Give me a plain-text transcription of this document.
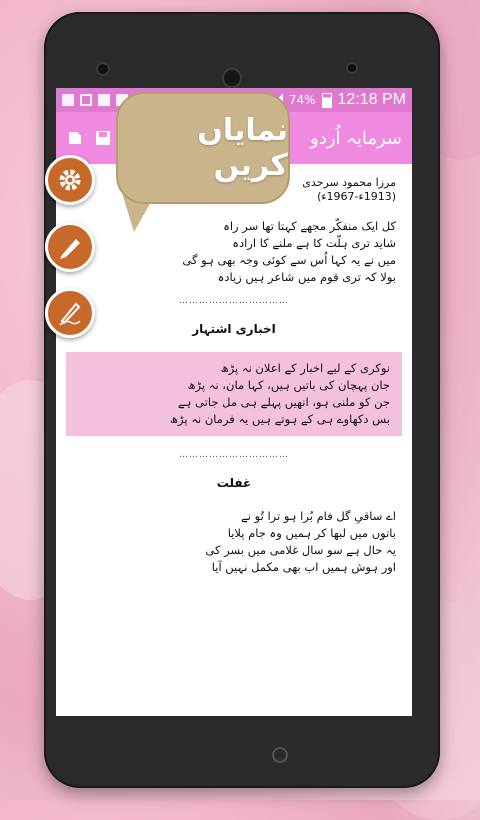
74% 12:18 PM
سرمایہ اُردو
مرزا محمود سرحدی
(1913ء-1967ء)

کل ایک منفکّر مجھے کہتا تھا سر راہ
شاید تری ہلّت کا ہے ملنے کا ارادہ
میں نے یہ کہا اُس سے کوئی وجہ بھی ہو گی
بولا کہ تری قوم میں شاعر ہیں زیادہ

……………………………
اخباری اشتہار

نوکری کے لیے اخبار کے اعلان نہ پڑھ
جان پہچان کی باتیں ہیں، کہا مان، نہ پڑھ
جن کو ملنی ہو، انھیں پہلے ہی مل جاتی ہے
بس دکھاوے ہی کے ہوتے ہیں یہ فرمان نہ پڑھ

……………………………
غفلت

اے ساقیِ گل فام بُرا ہو ترا تُو نے
باتوں میں لبھا کر ہمیں وہ جام پلایا
یہ حال ہے سو سال غلامی میں بسر کی
اور ہوش ہمیں اب بھی مکمل نہیں آیا

نمایاں کریں
